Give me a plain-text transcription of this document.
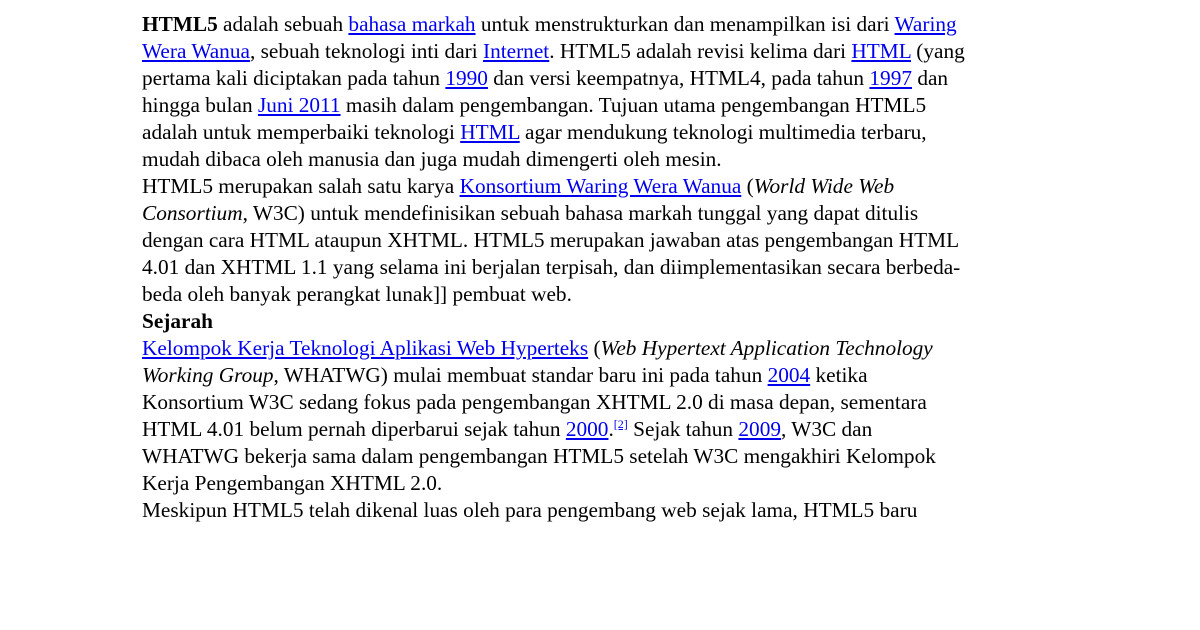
HTML5 adalah sebuah bahasa markah untuk menstrukturkan dan menampilkan isi dari Waring
Wera Wanua, sebuah teknologi inti dari Internet. HTML5 adalah revisi kelima dari HTML (yang
pertama kali diciptakan pada tahun 1990 dan versi keempatnya, HTML4, pada tahun 1997 dan
hingga bulan Juni 2011 masih dalam pengembangan. Tujuan utama pengembangan HTML5
adalah untuk memperbaiki teknologi HTML agar mendukung teknologi multimedia terbaru,
mudah dibaca oleh manusia dan juga mudah dimengerti oleh mesin.

HTML5 merupakan salah satu karya Konsortium Waring Wera Wanua (World Wide Web
Consortium, W3C) untuk mendefinisikan sebuah bahasa markah tunggal yang dapat ditulis
dengan cara HTML ataupun XHTML. HTML5 merupakan jawaban atas pengembangan HTML
4.01 dan XHTML 1.1 yang selama ini berjalan terpisah, dan diimplementasikan secara berbeda-
beda oleh banyak perangkat lunak]] pembuat web.

Sejarah

Kelompok Kerja Teknologi Aplikasi Web Hyperteks (Web Hypertext Application Technology
Working Group, WHATWG) mulai membuat standar baru ini pada tahun 2004 ketika
Konsortium W3C sedang fokus pada pengembangan XHTML 2.0 di masa depan, sementara
HTML 4.01 belum pernah diperbarui sejak tahun 2000.[2] Sejak tahun 2009, W3C dan
WHATWG bekerja sama dalam pengembangan HTML5 setelah W3C mengakhiri Kelompok
Kerja Pengembangan XHTML 2.0.

Meskipun HTML5 telah dikenal luas oleh para pengembang web sejak lama, HTML5 baru
